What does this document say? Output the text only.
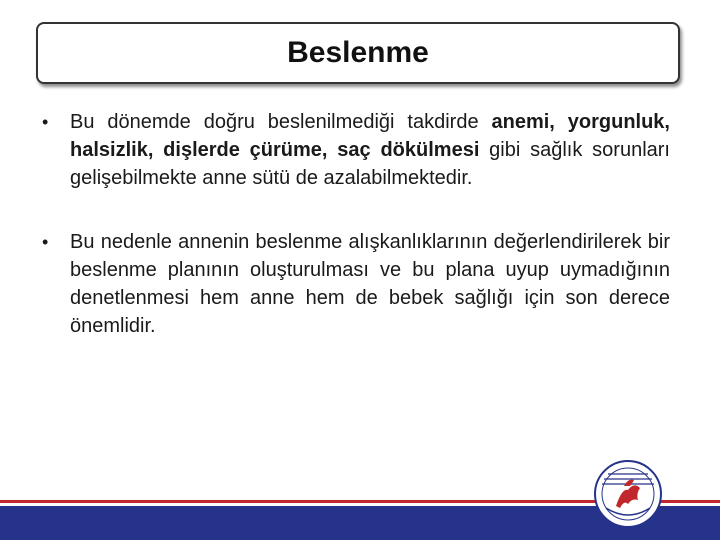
Beslenme
• Bu dönemde doğru beslenilmediği takdirde anemi, yorgunluk, halsizlik, dişlerde çürüme, saç dökülmesi gibi sağlık sorunları gelişebilmekte anne sütü de azalabilmektedir.
• Bu nedenle annenin beslenme alışkanlıklarının değerlendirilerek bir beslenme planının oluşturulması ve bu plana uyup uymadığının denetlenmesi hem anne hem de bebek sağlığı için son derece önemlidir.
